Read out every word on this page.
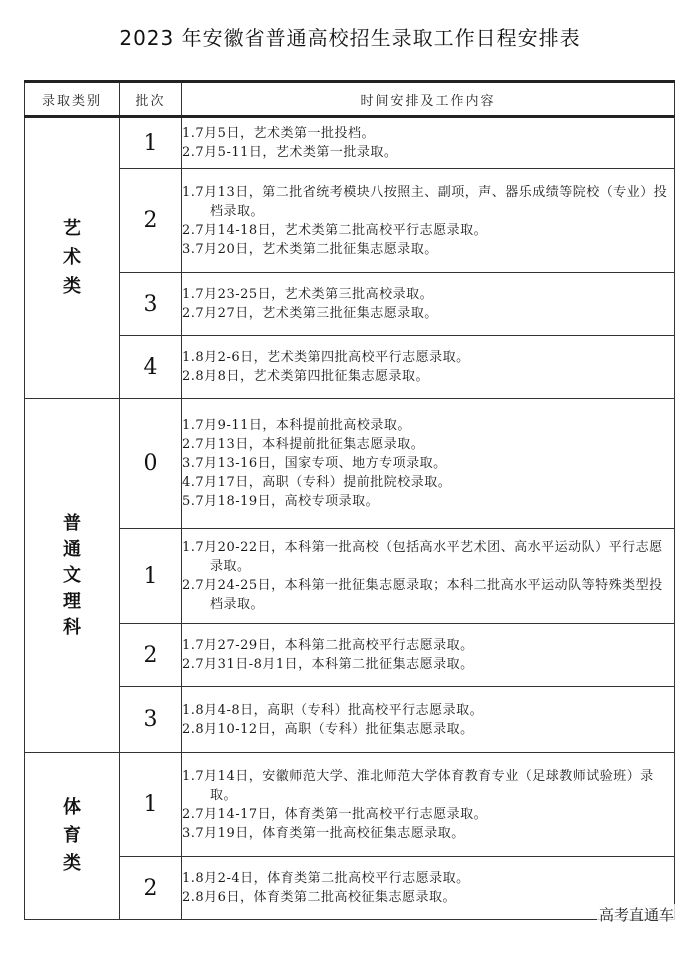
2023 年安徽省普通高校招生录取工作日程安排表
录取类别	批次	时间安排及工作内容

艺
术
类	1	1.7月5日，艺术类第一批投档。
2.7月5-11日，艺术类第一批录取。

	2	1.7月13日，第二批省统考模块八按照主、副项，声、器乐成绩等院校（专业）投档录取。
2.7月14-18日，艺术类第二批高校平行志愿录取。
3.7月20日，艺术类第二批征集志愿录取。

	3	1.7月23-25日，艺术类第三批高校录取。
2.7月27日，艺术类第三批征集志愿录取。

	4	1.8月2-6日，艺术类第四批高校平行志愿录取。
2.8月8日，艺术类第四批征集志愿录取。

普
通
文
理
科	0	1.7月9-11日，本科提前批高校录取。
2.7月13日，本科提前批征集志愿录取。
3.7月13-16日，国家专项、地方专项录取。
4.7月17日，高职（专科）提前批院校录取。
5.7月18-19日，高校专项录取。

	1	1.7月20-22日，本科第一批高校（包括高水平艺术团、高水平运动队）平行志愿录取。
2.7月24-25日，本科第一批征集志愿录取；本科二批高水平运动队等特殊类型投档录取。

	2	1.7月27-29日，本科第二批高校平行志愿录取。
2.7月31日-8月1日，本科第二批征集志愿录取。

	3	1.8月4-8日，高职（专科）批高校平行志愿录取。
2.8月10-12日，高职（专科）批征集志愿录取。

体
育
类	1	1.7月14日，安徽师范大学、淮北师范大学体育教育专业（足球教师试验班）录取。
2.7月14-17日，体育类第一批高校平行志愿录取。
3.7月19日，体育类第一批高校征集志愿录取。

	2	1.8月2-4日，体育类第二批高校平行志愿录取。
2.8月6日，体育类第二批高校征集志愿录取。
高考直通车
